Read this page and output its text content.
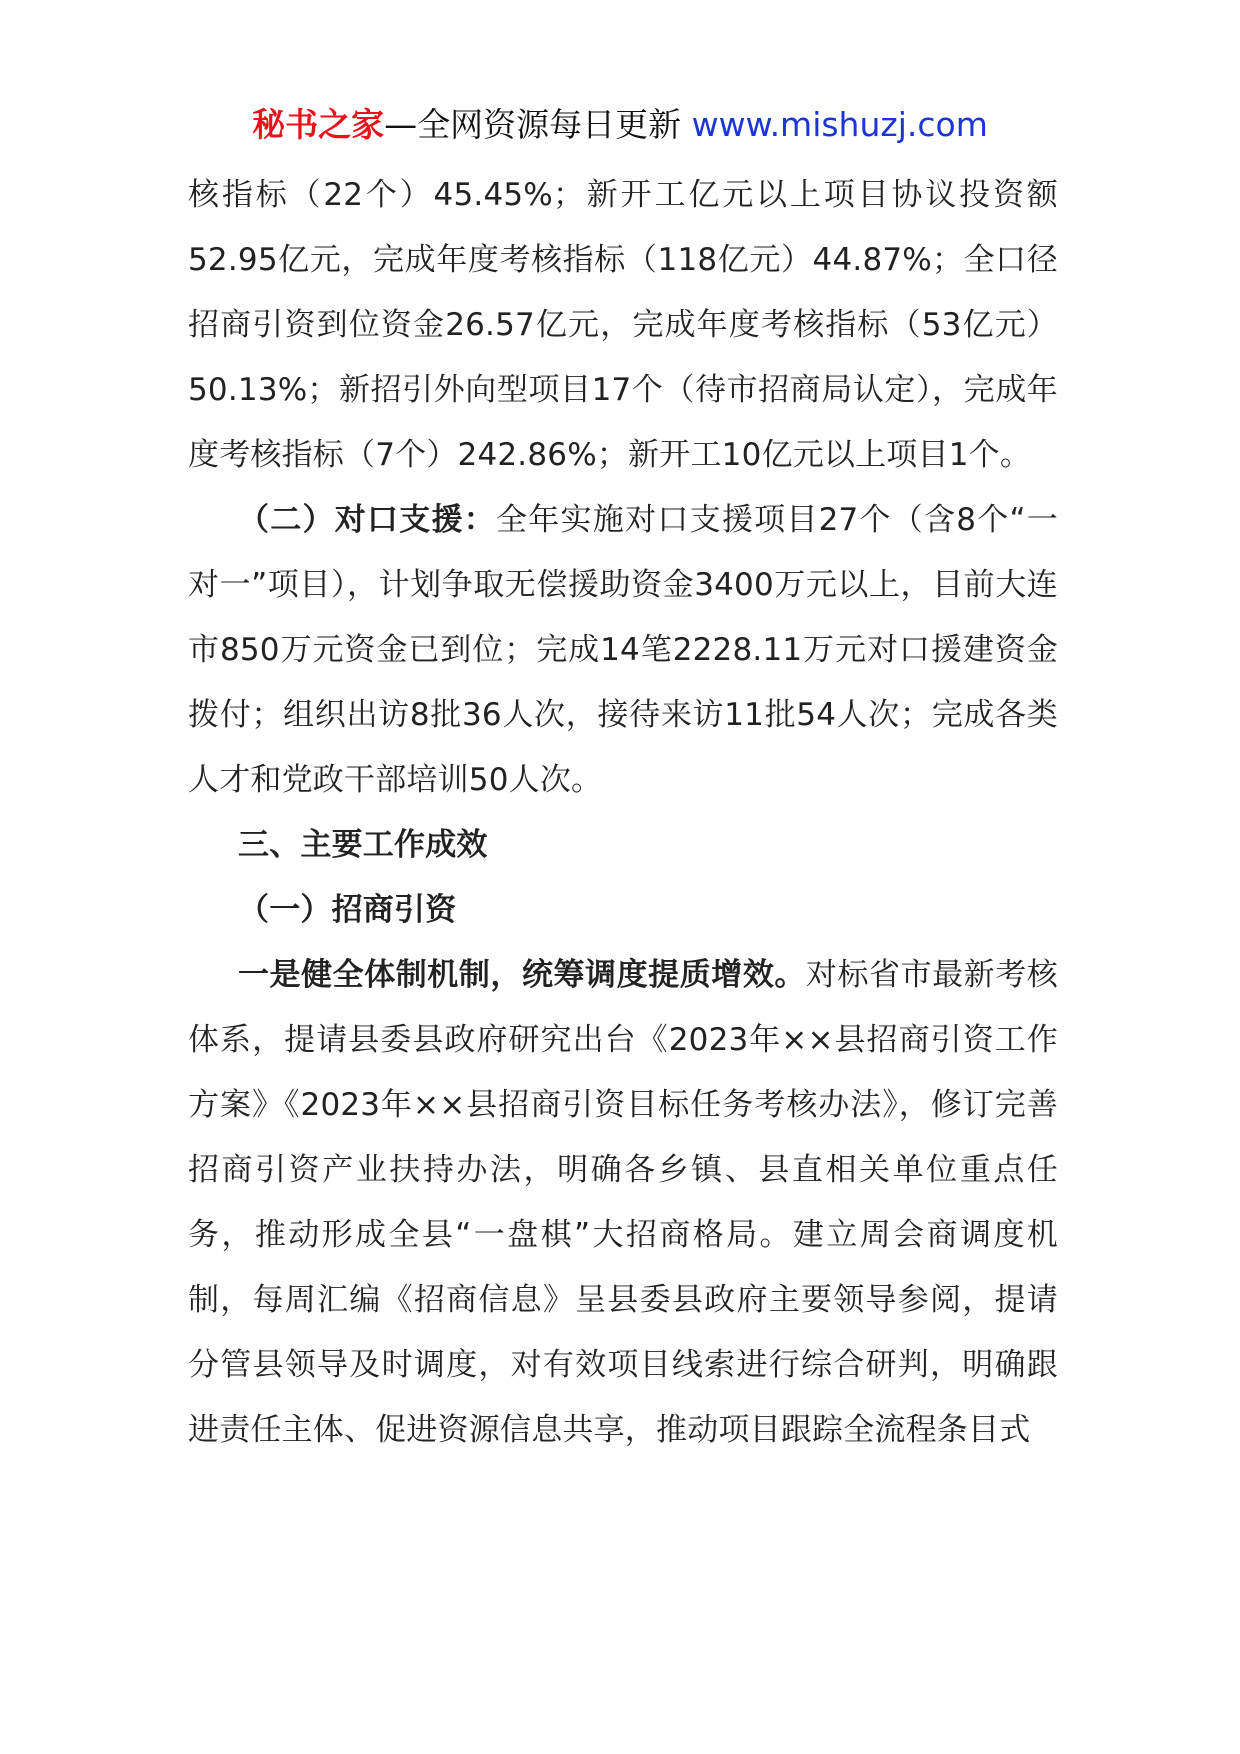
秘书之家—全网资源每日更新 www.mishuzj.com

核指标（22个）45.45%；新开工亿元以上项目协议投资额52.95亿元，完成年度考核指标（118亿元）44.87%；全口径招商引资到位资金26.57亿元，完成年度考核指标（53亿元）50.13%；新招引外向型项目17个（待市招商局认定），完成年度考核指标（7个）242.86%；新开工10亿元以上项目1个。

（二）对口支援：全年实施对口支援项目27个（含8个“一对一”项目），计划争取无偿援助资金3400万元以上，目前大连市850万元资金已到位；完成14笔2228.11万元对口援建资金拨付；组织出访8批36人次，接待来访11批54人次；完成各类人才和党政干部培训50人次。

三、主要工作成效

（一）招商引资

一是健全体制机制，统筹调度提质增效。对标省市最新考核体系，提请县委县政府研究出台《2023年××县招商引资工作方案》《2023年××县招商引资目标任务考核办法》，修订完善招商引资产业扶持办法，明确各乡镇、县直相关单位重点任务，推动形成全县“一盘棋”大招商格局。建立周会商调度机制，每周汇编《招商信息》呈县委县政府主要领导参阅，提请分管县领导及时调度，对有效项目线索进行综合研判，明确跟进责任主体、促进资源信息共享，推动项目跟踪全流程条目式
